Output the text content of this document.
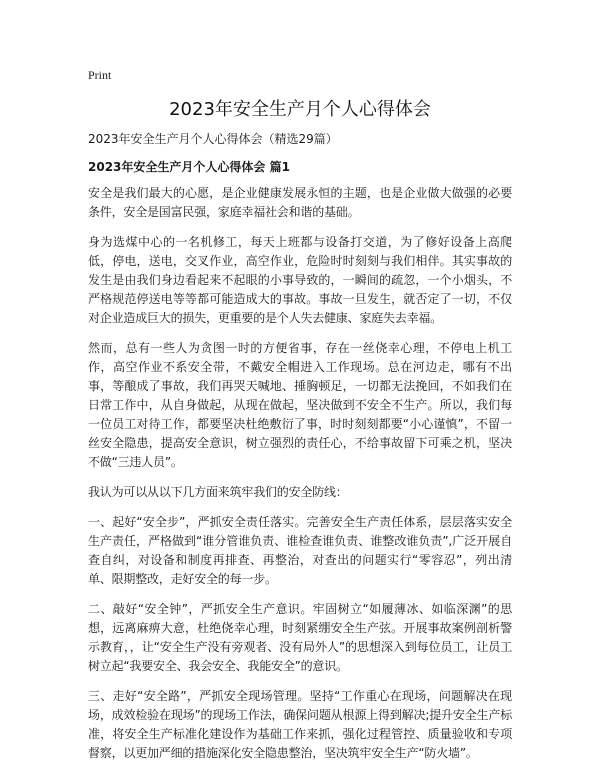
Print
2023年安全生产月个人心得体会

2023年安全生产月个人心得体会（精选29篇）

2023年安全生产月个人心得体会 篇1

安全是我们最大的心愿，是企业健康发展永恒的主题，也是企业做大做强的必要条件，安全是国富民强，家庭幸福社会和谐的基础。

身为选煤中心的一名机修工，每天上班都与设备打交道，为了修好设备上高爬低，停电，送电，交叉作业，高空作业，危险时时刻刻与我们相伴。其实事故的发生是由我们身边看起来不起眼的小事导致的，一瞬间的疏忽，一个小烟头，不严格规范停送电等等都可能造成大的事故。事故一旦发生，就否定了一切，不仅对企业造成巨大的损失，更重要的是个人失去健康、家庭失去幸福。

然而，总有一些人为贪图一时的方便省事，存在一丝侥幸心理，不停电上机工作，高空作业不系安全带，不戴安全帽进入工作现场。总在河边走，哪有不出事，等酿成了事故，我们再哭天喊地、捶胸顿足，一切都无法挽回，不如我们在日常工作中，从自身做起，从现在做起，坚决做到不安全不生产。所以，我们每一位员工对待工作，都要坚决杜绝敷衍了事，时时刻刻都要“小心谨慎”，不留一丝安全隐患，提高安全意识，树立强烈的责任心，不给事故留下可乘之机，坚决不做“三违人员”。

我认为可以从以下几方面来筑牢我们的安全防线：

一、起好“安全步”，严抓安全责任落实。完善安全生产责任体系，层层落实安全生产责任，严格做到“谁分管谁负责、谁检查谁负责、谁整改谁负责”,广泛开展自查自纠，对设备和制度再排查、再整治，对查出的问题实行“零容忍”，列出清单、限期整改，走好安全的每一步。

二、敲好“安全钟”，严抓安全生产意识。牢固树立“如履薄冰、如临深渊”的思想，远离麻痹大意，杜绝侥幸心理，时刻紧绷安全生产弦。开展事故案例剖析警示教育，，让“安全生产没有旁观者、没有局外人”的思想深入到每位员工，让员工树立起“我要安全、我会安全、我能安全”的意识。

三、走好“安全路”，严抓安全现场管理。坚持“工作重心在现场，问题解决在现场，成效检验在现场”的现场工作法，确保问题从根源上得到解决;提升安全生产标准，将安全生产标准化建设作为基础工作来抓，强化过程管控、质量验收和专项督察，以更加严细的措施深化安全隐患整治，坚决筑牢安全生产“防火墙”。
